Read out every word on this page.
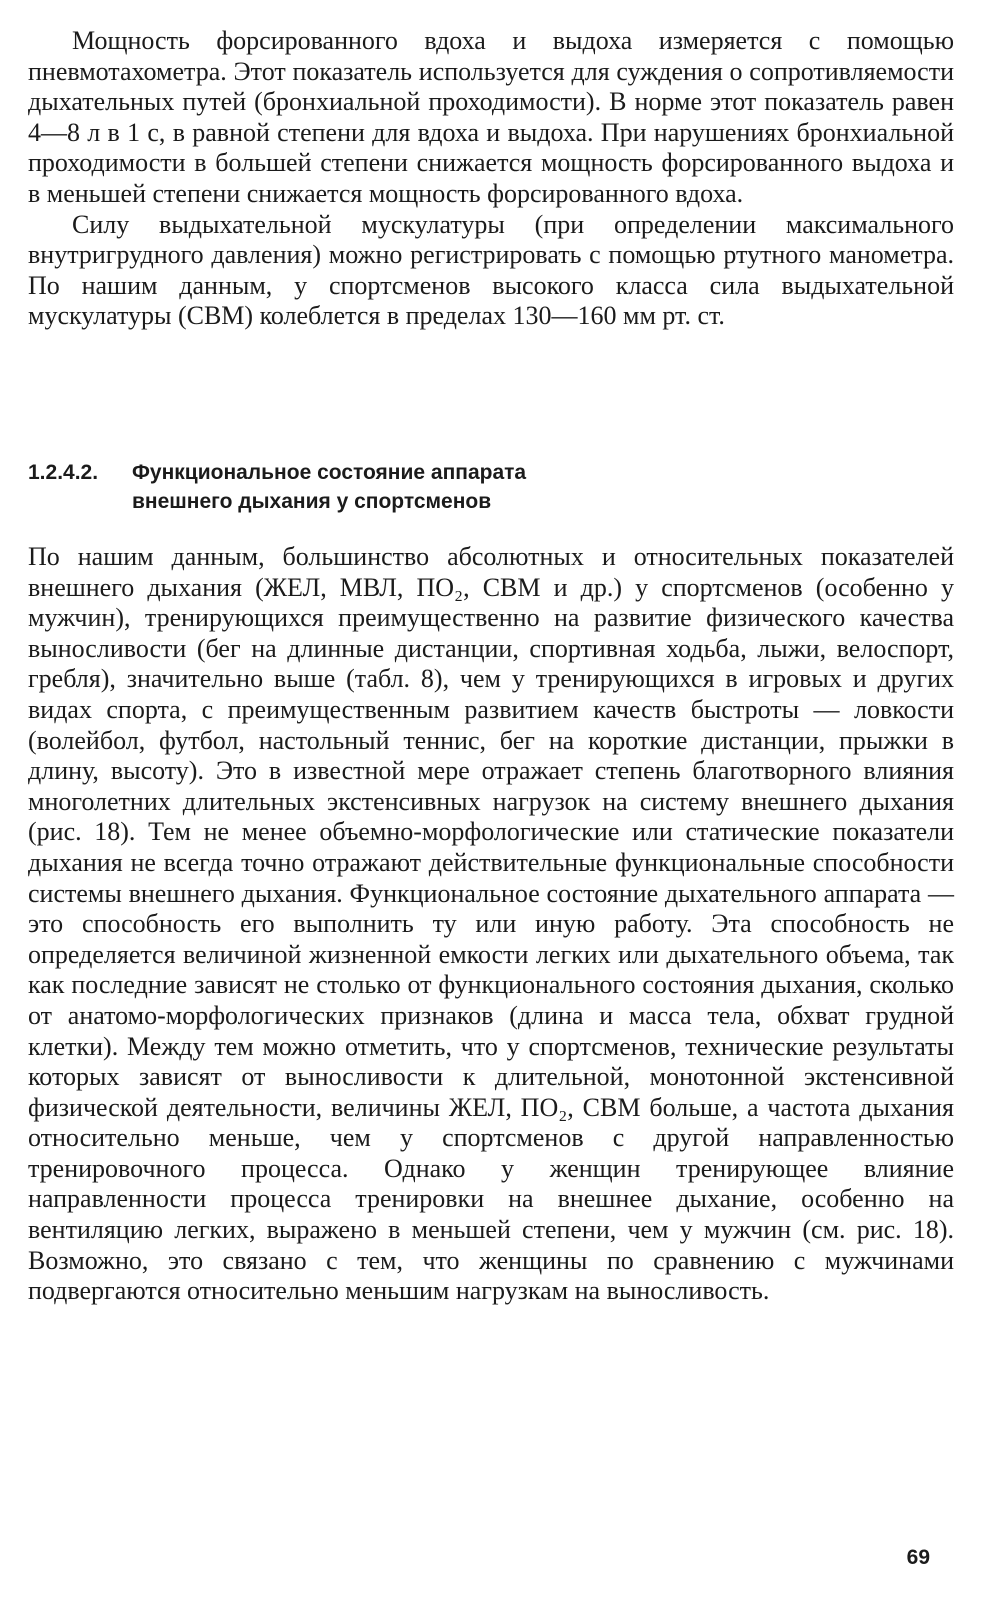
Мощность форсированного вдоха и выдоха измеряется с помощью пневмотахометра. Этот показатель используется для суждения о сопротивляемости дыхательных путей (бронхиальной проходимости). В норме этот показатель равен 4—8 л в 1 с, в равной степени для вдоха и выдоха. При нарушениях бронхиальной проходимости в большей степени снижается мощность форсированного выдоха и в меньшей степени снижается мощность форсированного вдоха.

Силу выдыхательной мускулатуры (при определении максимального внутригрудного давления) можно регистрировать с помощью ртутного манометра. По нашим данным, у спортсменов высокого класса сила выдыхательной мускулатуры (СВМ) колеблется в пределах 130—160 мм рт. ст.

1.2.4.2. Функциональное состояние аппарата
внешнего дыхания у спортсменов

По нашим данным, большинство абсолютных и относительных показателей внешнего дыхания (ЖЕЛ, МВЛ, ПО₂, СВМ и др.) у спортсменов (особенно у мужчин), тренирующихся преимущественно на развитие физического качества выносливости (бег на длинные дистанции, спортивная ходьба, лыжи, велоспорт, гребля), значительно выше (табл. 8), чем у тренирующихся в игровых и других видах спорта, с преимущественным развитием качеств быстроты — ловкости (волейбол, футбол, настольный теннис, бег на короткие дистанции, прыжки в длину, высоту). Это в известной мере отражает степень благотворного влияния многолетних длительных экстенсивных нагрузок на систему внешнего дыхания (рис. 18). Тем не менее объемно-морфологические или статические показатели дыхания не всегда точно отражают действительные функциональные способности системы внешнего дыхания. Функциональное состояние дыхательного аппарата — это способность его выполнить ту или иную работу. Эта способность не определяется величиной жизненной емкости легких или дыхательного объема, так как последние зависят не столько от функционального состояния дыхания, сколько от анатомо-морфологических признаков (длина и масса тела, обхват грудной клетки). Между тем можно отметить, что у спортсменов, технические результаты которых зависят от выносливости к длительной, монотонной экстенсивной физической деятельности, величины ЖЕЛ, ПО₂, СВМ больше, а частота дыхания относительно меньше, чем у спортсменов с другой направленностью тренировочного процесса. Однако у женщин тренирующее влияние направленности процесса тренировки на внешнее дыхание, особенно на вентиляцию легких, выражено в меньшей степени, чем у мужчин (см. рис. 18). Возможно, это связано с тем, что женщины по сравнению с мужчинами подвергаются относительно меньшим нагрузкам на выносливость.

69
